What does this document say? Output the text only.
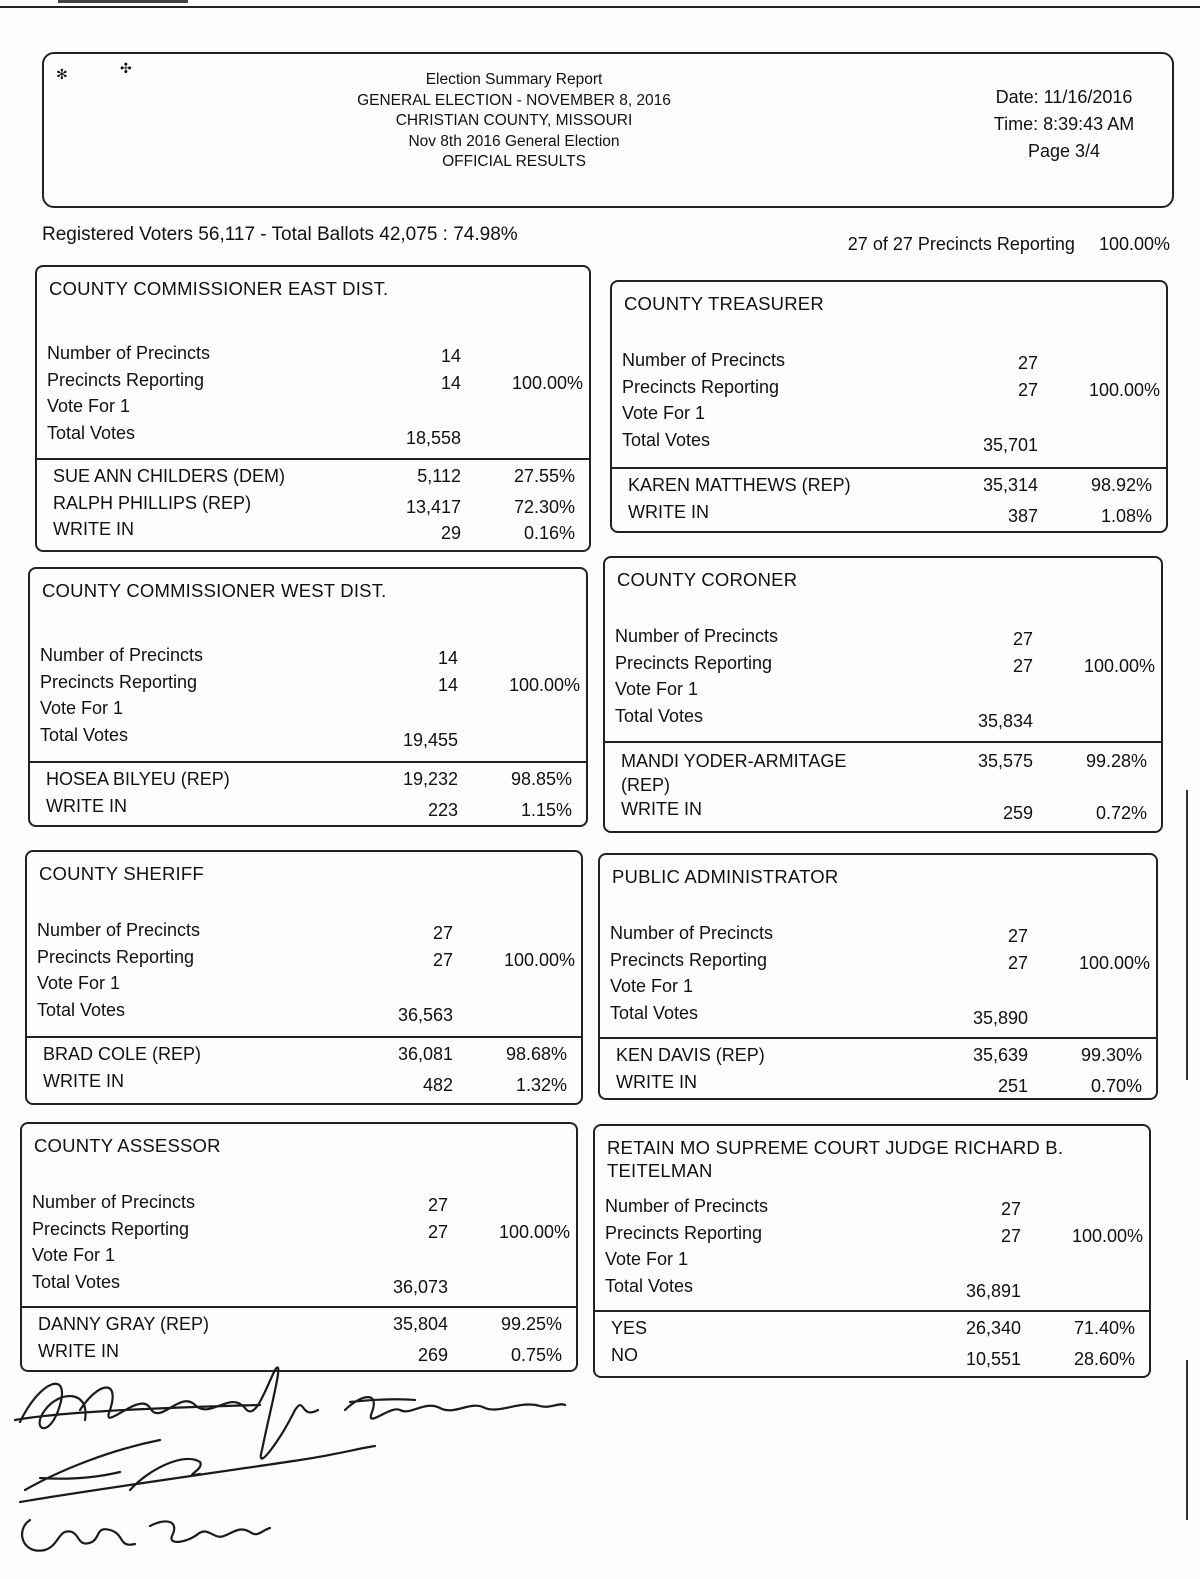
✻	✣
Election Summary Report
GENERAL ELECTION - NOVEMBER 8, 2016
CHRISTIAN COUNTY, MISSOURI
Nov 8th 2016 General Election
OFFICIAL RESULTS
Date: 11/16/2016
Time: 8:39:43 AM
Page 3/4
Registered Voters 56,117 - Total Ballots 42,075 : 74.98%	27 of 27 Precincts Reporting 100.00%
COUNTY COMMISSIONER EAST DIST.
Number of Precincts	14
Precincts Reporting	14	100.00%
Vote For 1
Total Votes	18,558
SUE ANN CHILDERS (DEM)	5,112	27.55%
RALPH PHILLIPS (REP)	13,417	72.30%
WRITE IN	29	0.16%
COUNTY TREASURER
Number of Precincts	27
Precincts Reporting	27	100.00%
Vote For 1
Total Votes	35,701
KAREN MATTHEWS (REP)	35,314	98.92%
WRITE IN	387	1.08%
COUNTY COMMISSIONER WEST DIST.
Number of Precincts	14
Precincts Reporting	14	100.00%
Vote For 1
Total Votes	19,455
HOSEA BILYEU (REP)	19,232	98.85%
WRITE IN	223	1.15%
COUNTY CORONER
Number of Precincts	27
Precincts Reporting	27	100.00%
Vote For 1
Total Votes	35,834
MANDI YODER-ARMITAGE (REP)
35,575	99.28%
WRITE IN	259	0.72%
COUNTY SHERIFF
Number of Precincts	27
Precincts Reporting	27	100.00%
Vote For 1
Total Votes	36,563
BRAD COLE (REP)	36,081	98.68%
WRITE IN	482	1.32%
PUBLIC ADMINISTRATOR
Number of Precincts	27
Precincts Reporting	27	100.00%
Vote For 1
Total Votes	35,890
KEN DAVIS (REP)	35,639	99.30%
WRITE IN	251	0.70%
COUNTY ASSESSOR
Number of Precincts	27
Precincts Reporting	27	100.00%
Vote For 1
Total Votes	36,073
DANNY GRAY (REP)	35,804	99.25%
WRITE IN	269	0.75%
RETAIN MO SUPREME COURT JUDGE RICHARD B. TEITELMAN
Number of Precincts	27
Precincts Reporting	27	100.00%
Vote For 1
Total Votes	36,891
YES	26,340	71.40%
NO	10,551	28.60%
